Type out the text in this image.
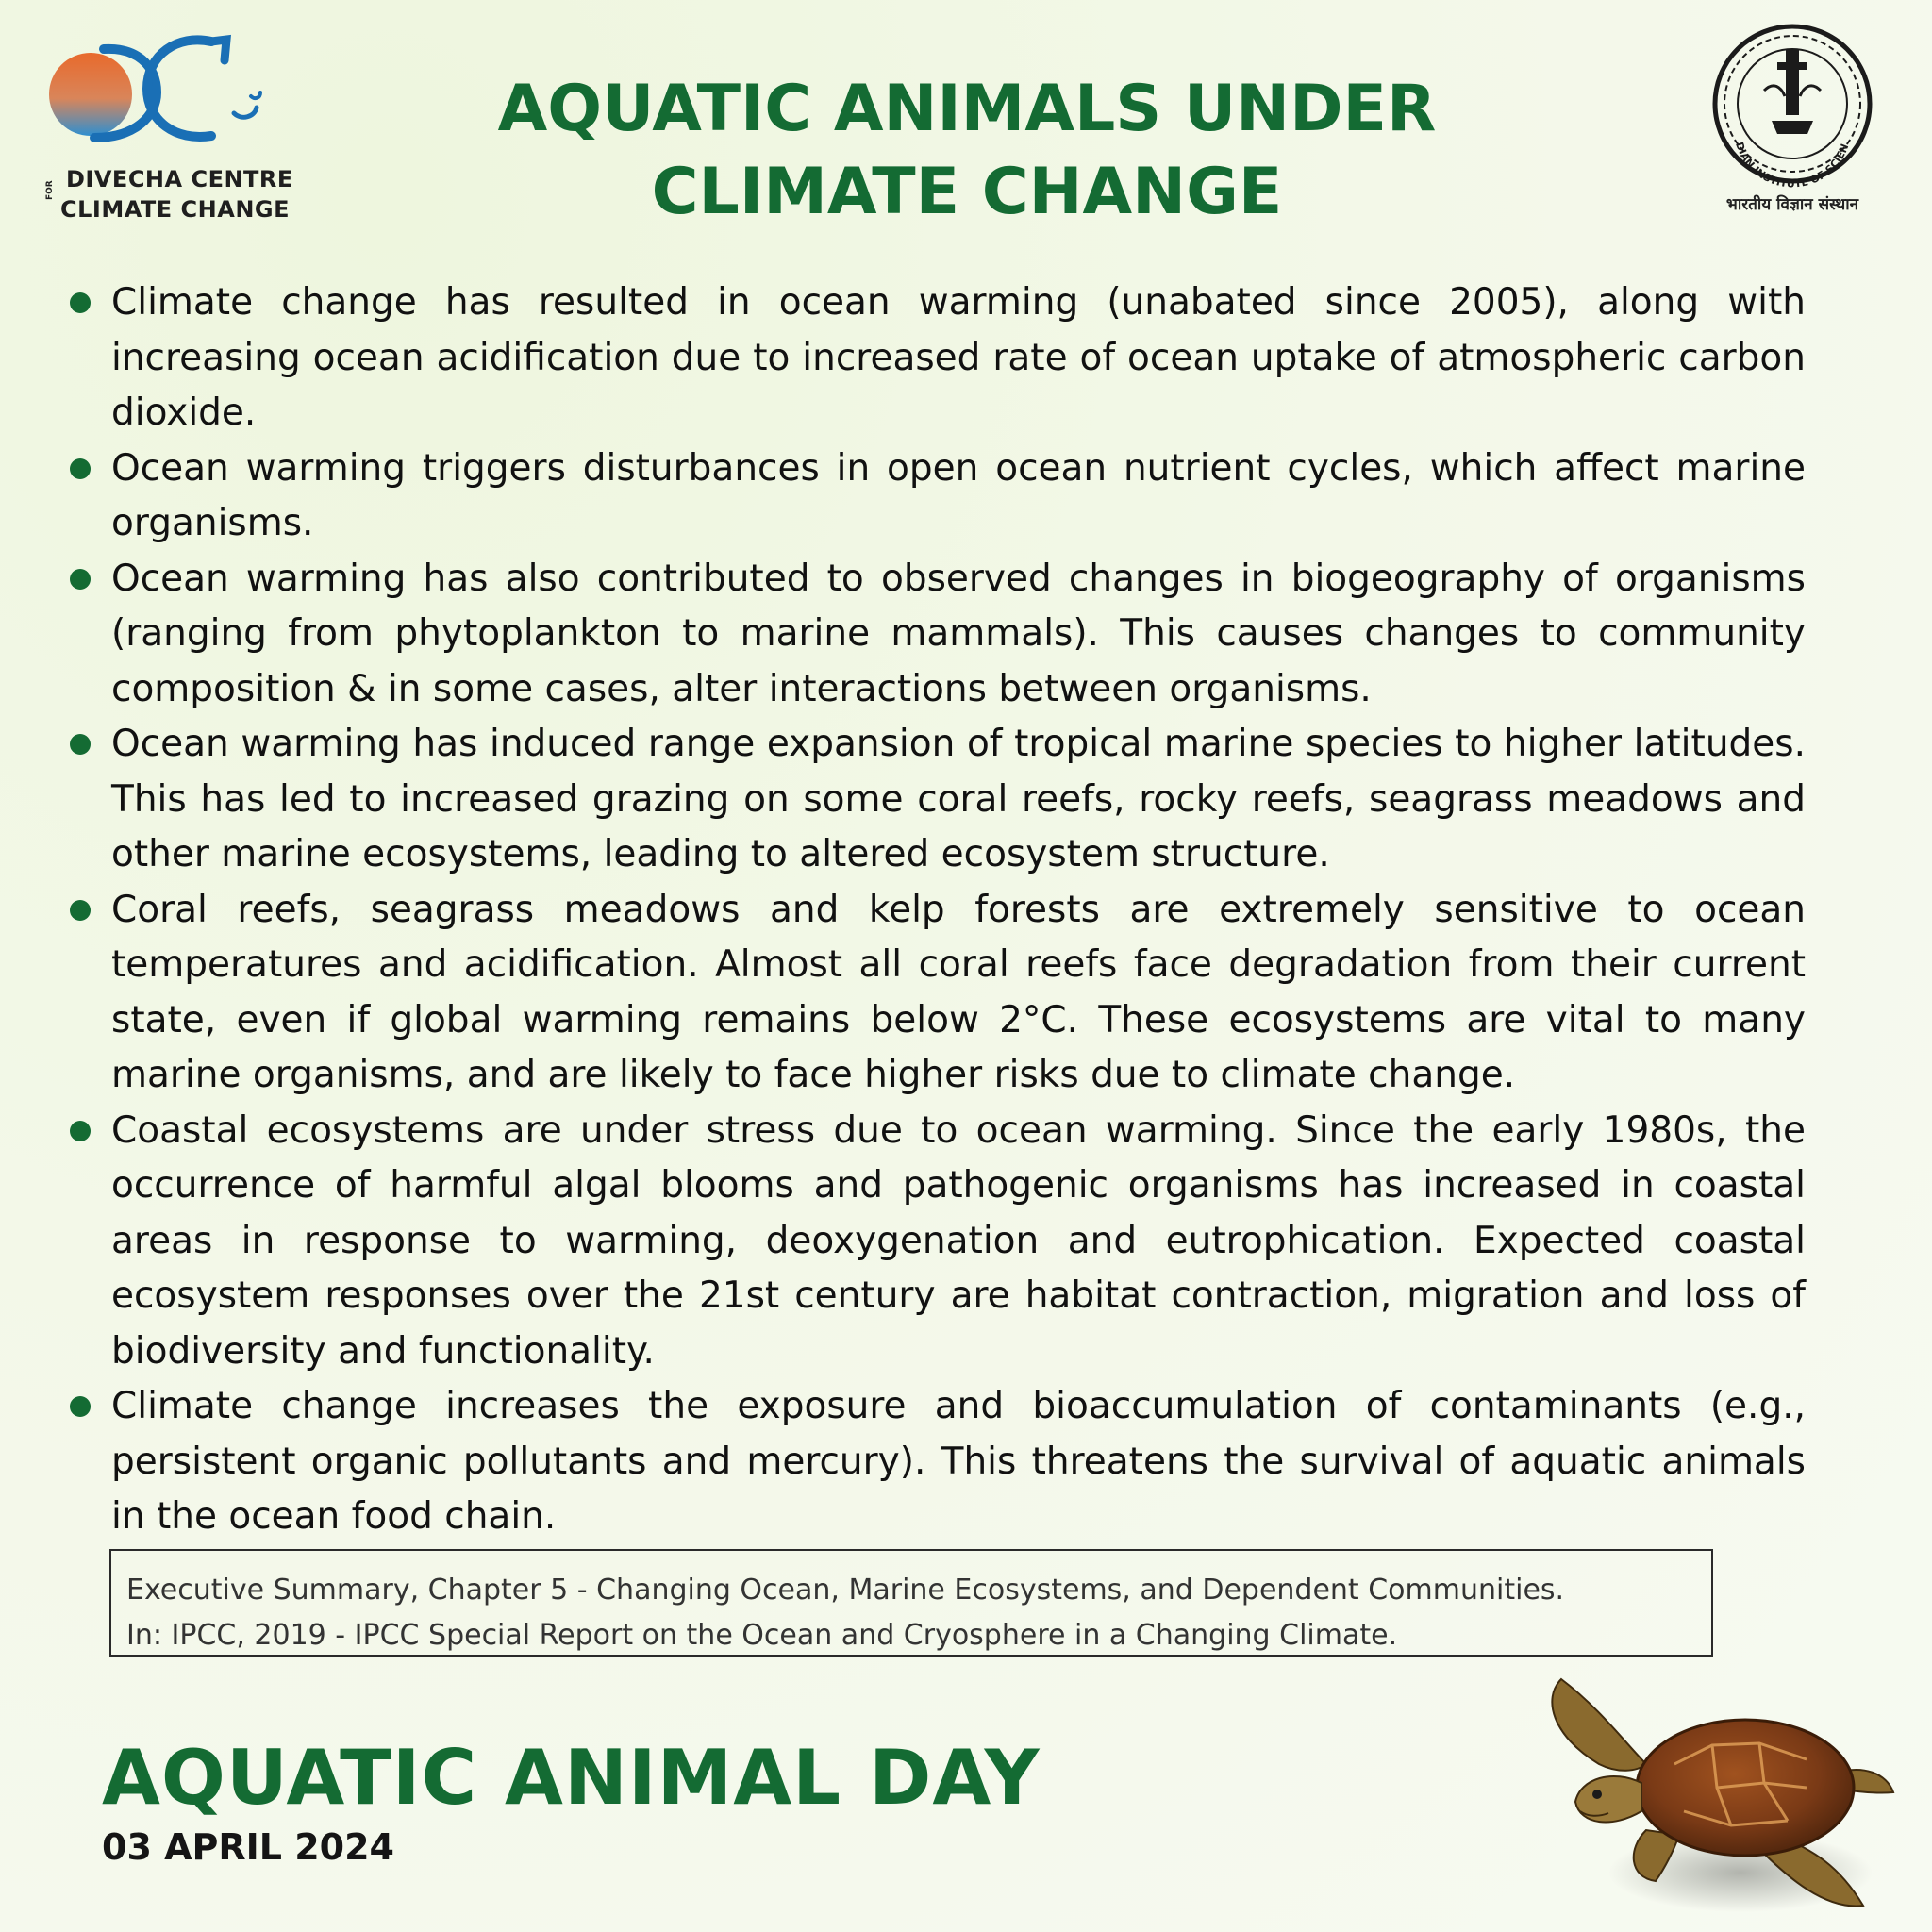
DIVECHA CENTRE
FOR
CLIMATE CHANGE
AQUATIC ANIMALS UNDER CLIMATE CHANGE
DIAN INSTITUTE OF SCIEN
भारतीय विज्ञान संस्थान
Climate change has resulted in ocean warming (unabated since 2005), along with increasing ocean acidification due to increased rate of ocean uptake of atmospheric carbon dioxide.
Ocean warming triggers disturbances in open ocean nutrient cycles, which affect marine organisms.
Ocean warming has also contributed to observed changes in biogeography of organisms (ranging from phytoplankton to marine mammals). This causes changes to community composition & in some cases, alter interactions between organisms.
Ocean warming has induced range expansion of tropical marine species to higher latitudes. This has led to increased grazing on some coral reefs, rocky reefs, seagrass meadows and other marine ecosystems, leading to altered ecosystem structure.
Coral reefs, seagrass meadows and kelp forests are extremely sensitive to ocean temperatures and acidification. Almost all coral reefs face degradation from their current state, even if global warming remains below 2°C. These ecosystems are vital to many marine organisms, and are likely to face higher risks due to climate change.
Coastal ecosystems are under stress due to ocean warming. Since the early 1980s, the occurrence of harmful algal blooms and pathogenic organisms has increased in coastal areas in response to warming, deoxygenation and eutrophication. Expected coastal ecosystem responses over the 21st century are habitat contraction, migration and loss of biodiversity and functionality.
Climate change increases the exposure and bioaccumulation of contaminants (e.g., persistent organic pollutants and mercury). This threatens the survival of aquatic animals in the ocean food chain.
Executive Summary, Chapter 5 - Changing Ocean, Marine Ecosystems, and Dependent Communities.
In: IPCC, 2019 - IPCC Special Report on the Ocean and Cryosphere in a Changing Climate.
AQUATIC ANIMAL DAY
03 APRIL 2024
